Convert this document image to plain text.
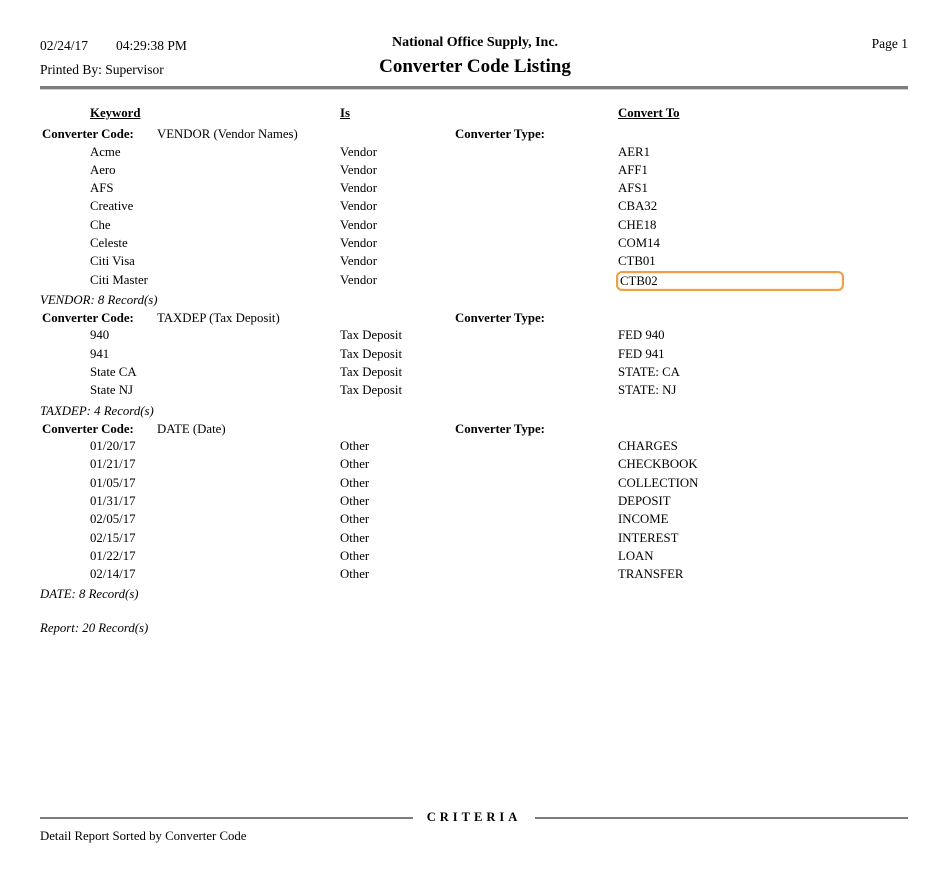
02/24/17 04:29:38 PM
Printed By: Supervisor
National Office Supply, Inc.
Converter Code Listing
Page 1
Keyword	Is	Convert To
Converter Code: VENDOR (Vendor Names)	Converter Type:
Acme	Vendor	AER1
Aero	Vendor	AFF1
AFS	Vendor	AFS1
Creative	Vendor	CBA32
Che	Vendor	CHE18
Celeste	Vendor	COM14
Citi Visa	Vendor	CTB01
Citi Master	Vendor	CTB02
VENDOR: 8 Record(s)
Converter Code: TAXDEP (Tax Deposit)	Converter Type:
940	Tax Deposit	FED 940
941	Tax Deposit	FED 941
State CA	Tax Deposit	STATE: CA
State NJ	Tax Deposit	STATE: NJ
TAXDEP: 4 Record(s)
Converter Code: DATE (Date)	Converter Type:
01/20/17	Other	CHARGES
01/21/17	Other	CHECKBOOK
01/05/17	Other	COLLECTION
01/31/17	Other	DEPOSIT
02/05/17	Other	INCOME
02/15/17	Other	INTEREST
01/22/17	Other	LOAN
02/14/17	Other	TRANSFER
DATE: 8 Record(s)
Report: 20 Record(s)
CRITERIA
Detail Report Sorted by Converter Code
